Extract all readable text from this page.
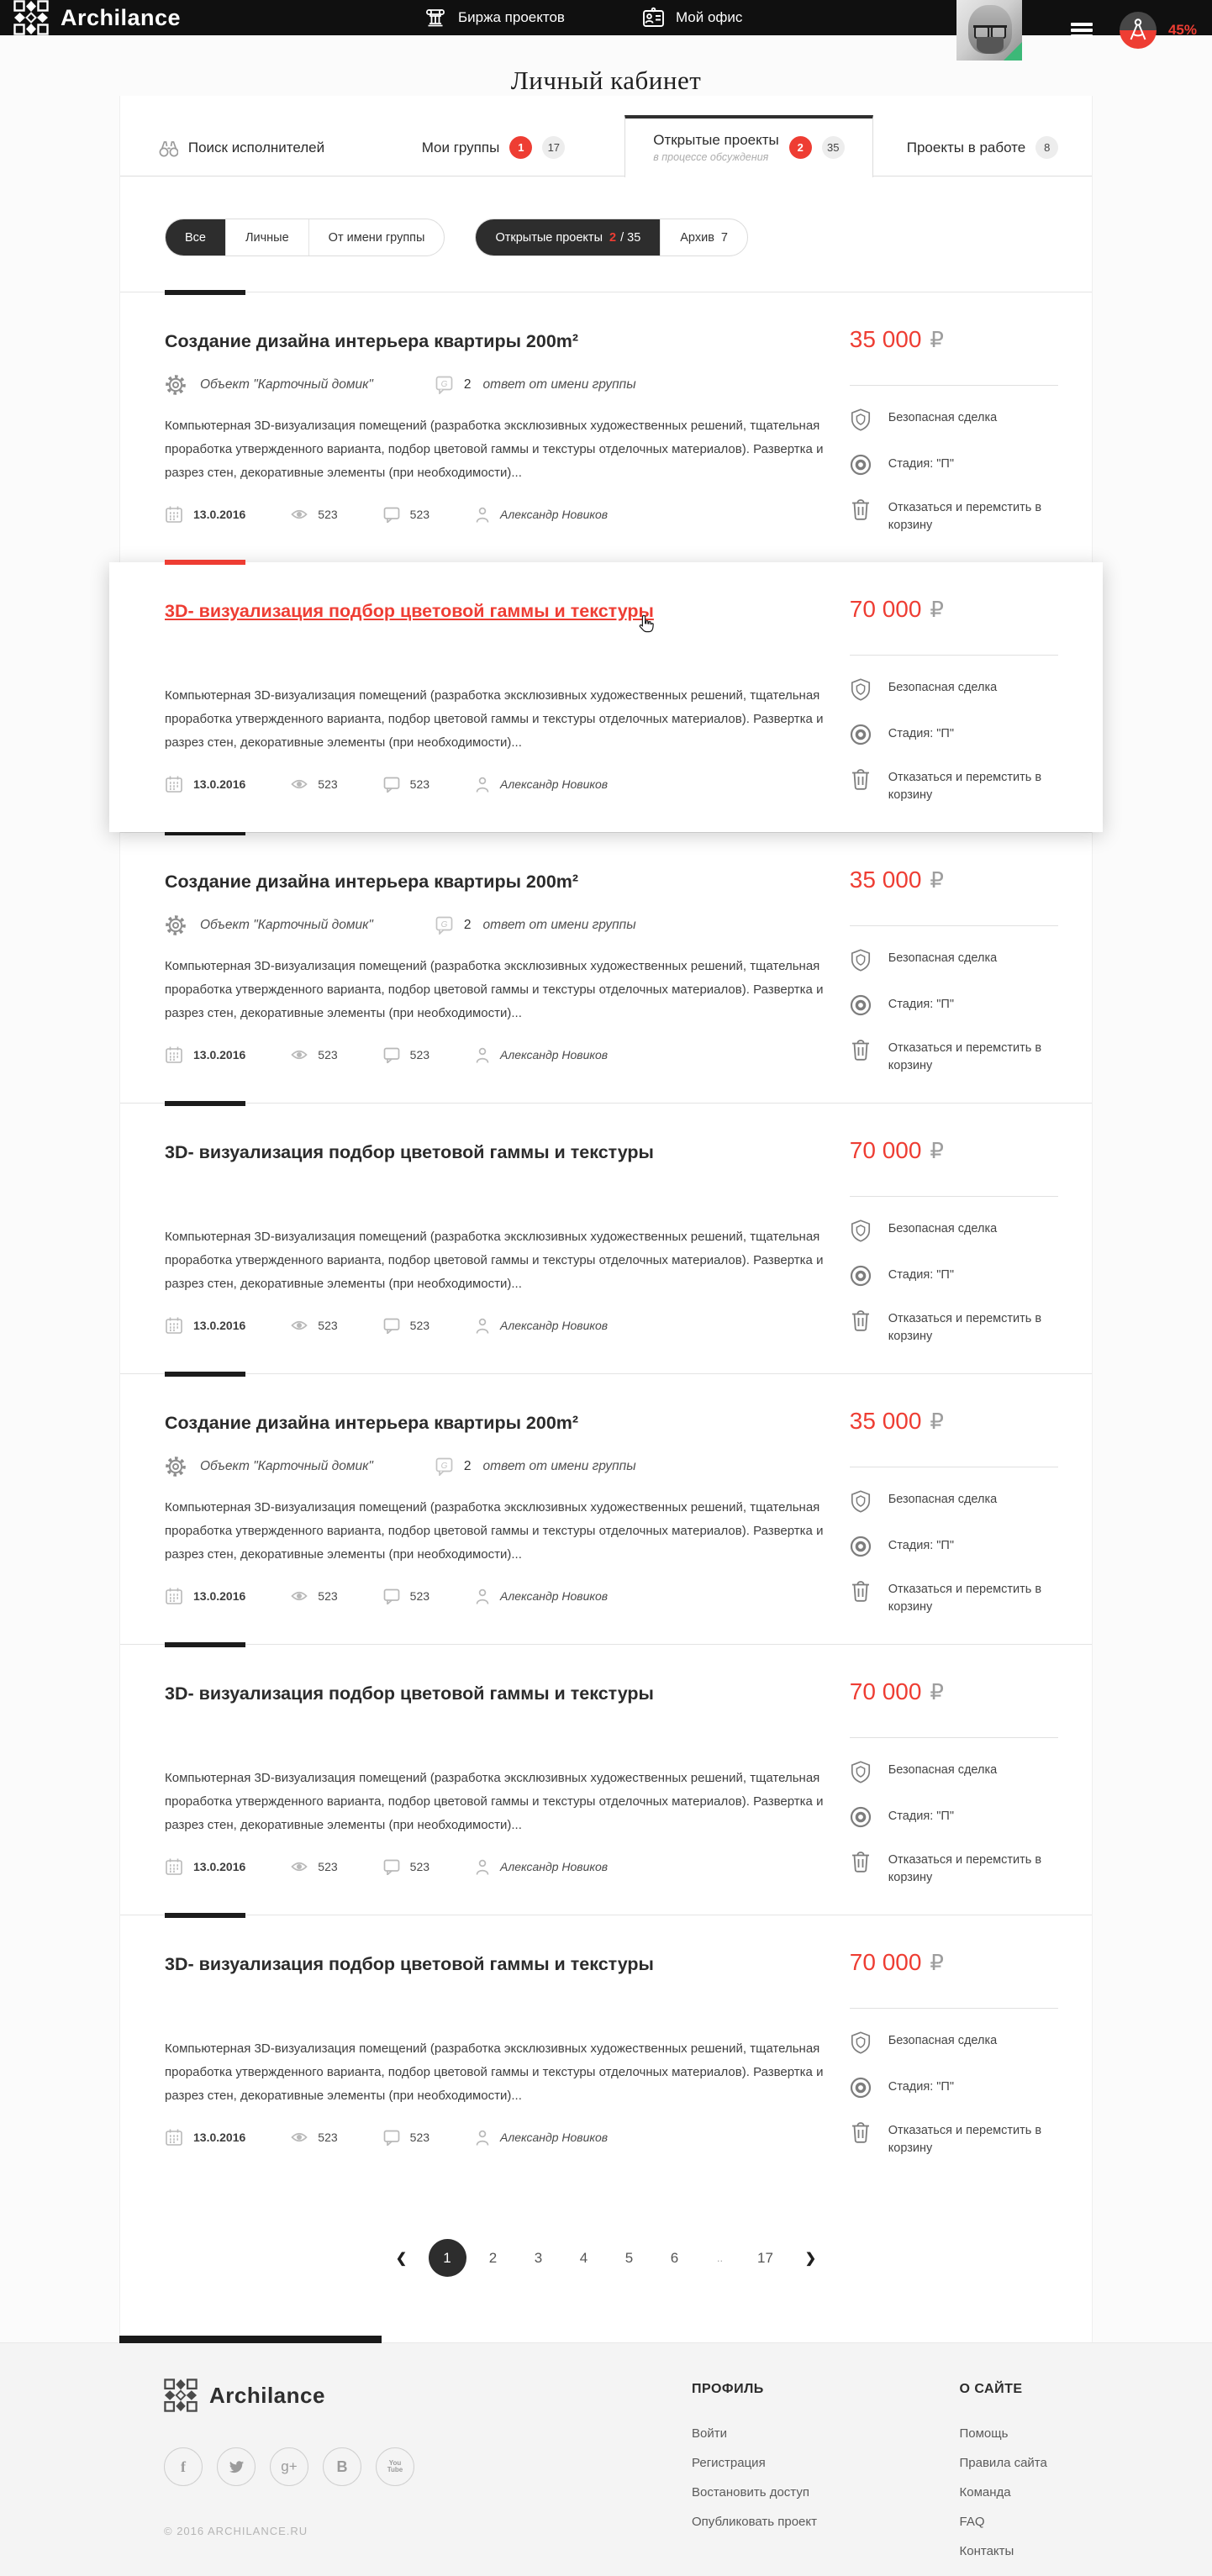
Archilance	Биржа проектов	Мой офис
45%
Личный кабинет
Поиск исполнителей	Мои группы	1	17	Открытые проекты
в процессе обсуждения
2	35	Проекты в работе	8
Все	Личные	От имени группы	Открытые проекты 2 / 35	Архив 7
Создание дизайна интерьера квартиры 200m²
Объект "Карточный домик"	2 ответ от имени группы

Компьютерная 3D-визуализация помещений (разработка эксклюзивных художественных решений, тщательная проработка утвержденного варианта, подбор цветовой гаммы и текстуры отделочных материалов). Развертка и разрез стен, декоративные элементы (при необходимости)...

13.0.2016	523	523	Александр Новиков
35 000 ₽
Безопасная сделка
Стадия: "П"
Отказаться и перемстить в корзину
3D- визуализация подбор цветовой гаммы и текстуры

Компьютерная 3D-визуализация помещений (разработка эксклюзивных художественных решений, тщательная проработка утвержденного варианта, подбор цветовой гаммы и текстуры отделочных материалов). Развертка и разрез стен, декоративные элементы (при необходимости)...

13.0.2016	523	523	Александр Новиков
70 000 ₽
Безопасная сделка
Стадия: "П"
Отказаться и перемстить в корзину
Создание дизайна интерьера квартиры 200m²
Объект "Карточный домик"	2 ответ от имени группы

Компьютерная 3D-визуализация помещений (разработка эксклюзивных художественных решений, тщательная проработка утвержденного варианта, подбор цветовой гаммы и текстуры отделочных материалов). Развертка и разрез стен, декоративные элементы (при необходимости)...

13.0.2016	523	523	Александр Новиков
35 000 ₽
Безопасная сделка
Стадия: "П"
Отказаться и перемстить в корзину
3D- визуализация подбор цветовой гаммы и текстуры

Компьютерная 3D-визуализация помещений (разработка эксклюзивных художественных решений, тщательная проработка утвержденного варианта, подбор цветовой гаммы и текстуры отделочных материалов). Развертка и разрез стен, декоративные элементы (при необходимости)...

13.0.2016	523	523	Александр Новиков
70 000 ₽
Безопасная сделка
Стадия: "П"
Отказаться и перемстить в корзину
Создание дизайна интерьера квартиры 200m²
Объект "Карточный домик"	2 ответ от имени группы

Компьютерная 3D-визуализация помещений (разработка эксклюзивных художественных решений, тщательная проработка утвержденного варианта, подбор цветовой гаммы и текстуры отделочных материалов). Развертка и разрез стен, декоративные элементы (при необходимости)...

13.0.2016	523	523	Александр Новиков
35 000 ₽
Безопасная сделка
Стадия: "П"
Отказаться и перемстить в корзину
3D- визуализация подбор цветовой гаммы и текстуры

Компьютерная 3D-визуализация помещений (разработка эксклюзивных художественных решений, тщательная проработка утвержденного варианта, подбор цветовой гаммы и текстуры отделочных материалов). Развертка и разрез стен, декоративные элементы (при необходимости)...

13.0.2016	523	523	Александр Новиков
70 000 ₽
Безопасная сделка
Стадия: "П"
Отказаться и перемстить в корзину
3D- визуализация подбор цветовой гаммы и текстуры

Компьютерная 3D-визуализация помещений (разработка эксклюзивных художественных решений, тщательная проработка утвержденного варианта, подбор цветовой гаммы и текстуры отделочных материалов). Развертка и разрез стен, декоративные элементы (при необходимости)...

13.0.2016	523	523	Александр Новиков
70 000 ₽
Безопасная сделка
Стадия: "П"
Отказаться и перемстить в корзину
❮	1	2	3	4	5	6	..	17	❯
Archilance
f	g+	B	You
Tube
© 2016 ARCHILANCE.RU
ПРОФИЛЬ
Войти
Регистрация
Востановить доступ
Опубликовать проект
О САЙТЕ
Помощь
Правила сайта
Команда
FAQ
Контакты
